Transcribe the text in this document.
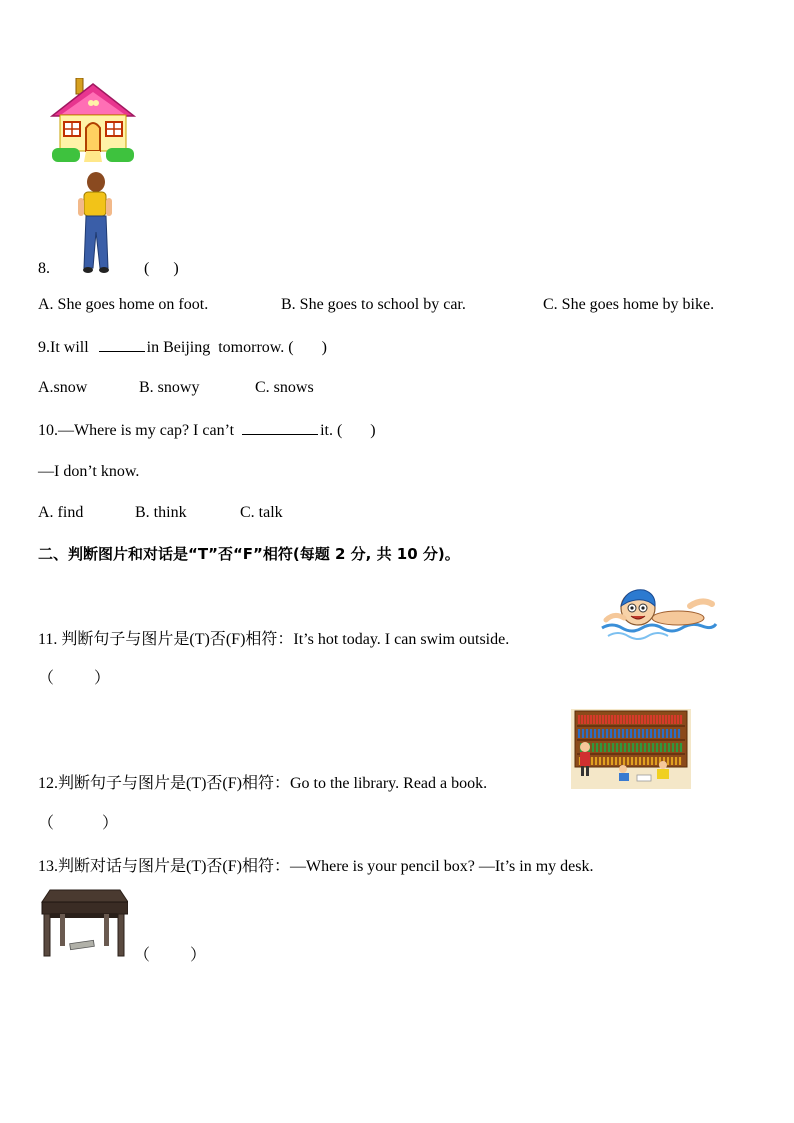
8.	(      )
A. She goes home on foot.	B. She goes to school by car.	C. She goes home by bike.
9.It will	in Beijing  tomorrow. (       )
A.snow	B. snowy	C. snows
10.—Where is my cap? I can’t	it. (       )
—I don’t know.
A. find	B. think	C. talk
二、判断图片和对话是“T”否“F”相符(每题 2 分, 共 10 分)。
11. 判断句子与图片是(T)否(F)相符：It’s hot today. I can swim outside.
（          ）
12.判断句子与图片是(T)否(F)相符：Go to the library. Read a book.
（            ）
13.判断对话与图片是(T)否(F)相符：—Where is your pencil box? —It’s in my desk.
（          ）
